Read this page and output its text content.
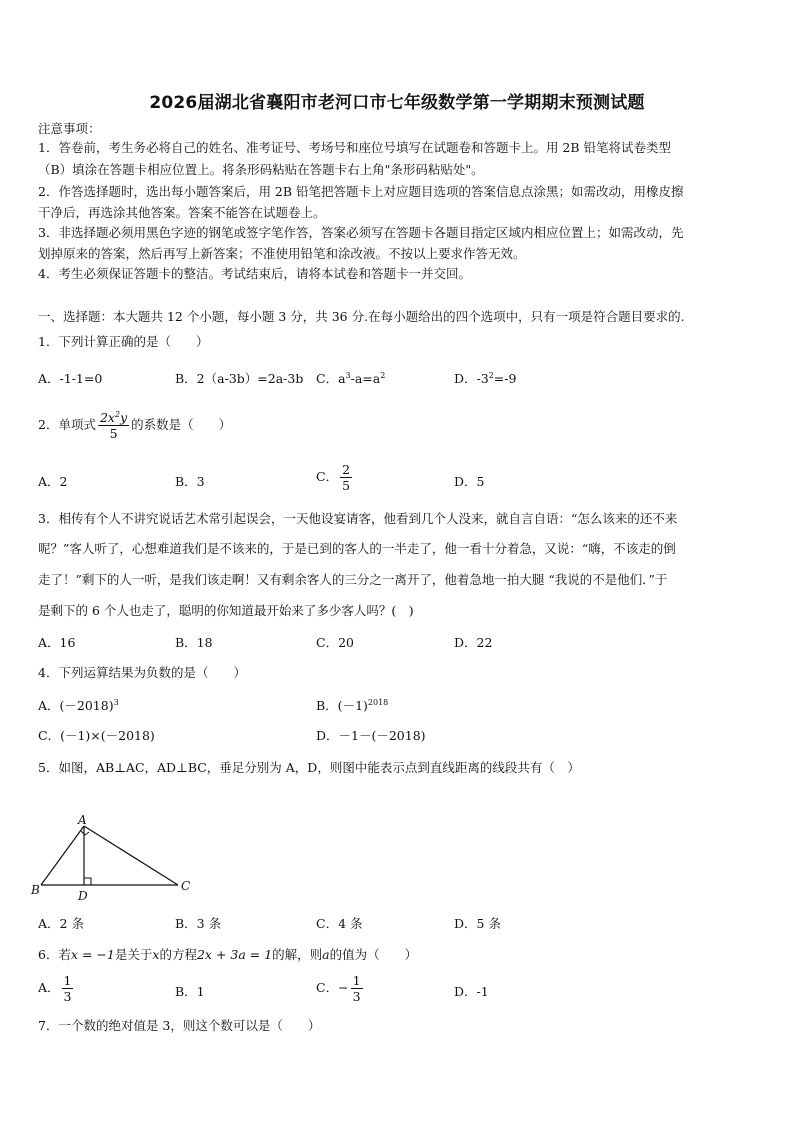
2026届湖北省襄阳市老河口市七年级数学第一学期期末预测试题
注意事项：
1．答卷前，考生务必将自己的姓名、准考证号、考场号和座位号填写在试题卷和答题卡上。用 2B 铅笔将试卷类型
（B）填涂在答题卡相应位置上。将条形码粘贴在答题卡右上角"条形码粘贴处"。
2．作答选择题时，选出每小题答案后，用 2B 铅笔把答题卡上对应题目选项的答案信息点涂黑；如需改动，用橡皮擦
干净后，再选涂其他答案。答案不能答在试题卷上。
3．非选择题必须用黑色字迹的钢笔或签字笔作答，答案必须写在答题卡各题目指定区域内相应位置上；如需改动，先
划掉原来的答案，然后再写上新答案；不准使用铅笔和涂改液。不按以上要求作答无效。
4．考生必须保证答题卡的整洁。考试结束后，请将本试卷和答题卡一并交回。
一、选择题：本大题共 12 个小题，每小题 3 分，共 36 分.在每小题给出的四个选项中，只有一项是符合题目要求的.
1．下列计算正确的是（　　）
A．-1-1=0	B．2（a-3b）=2a-3b C．$a^3-a=a^2$	D．$-3^2=-9$
2．单项式 $\frac{2x^2y}{5}$ 的系数是（　　）
A．2	B．3	C． $\frac{2}{5}$	D．5
3．相传有个人不讲究说话艺术常引起误会，一天他设宴请客，他看到几个人没来，就自言自语：“怎么该来的还不来
呢？”客人听了，心想难道我们是不该来的，于是已到的客人的一半走了，他一看十分着急，又说：“嗨，不该走的倒
走了！”剩下的人一听，是我们该走啊！又有剩余客人的三分之一离开了，他着急地一拍大腿 “我说的不是他们．”于
是剩下的 6 个人也走了，聪明的你知道最开始来了多少客人吗？(　)
A．16	B．18	C．20	D．22
4．下列运算结果为负数的是（　　）
A．$(-2018)^3$	B．$(-1)^{2018}$
C．(－1)×(－2018)	D．－1－(－2018)
5．如图，AB⊥AC，AD⊥BC，垂足分别为 A，D，则图中能表示点到直线距离的线段共有（　）
A
B	C
D
A．2 条	B．3 条	C．4 条	D．5 条
6．若x = −1是关于x的方程2x + 3a = 1的解，则a的值为（　　）
A． $\frac{1}{3}$	B．1	C．− $\frac{1}{3}$	D．-1
7．一个数的绝对值是 3，则这个数可以是（　　）
